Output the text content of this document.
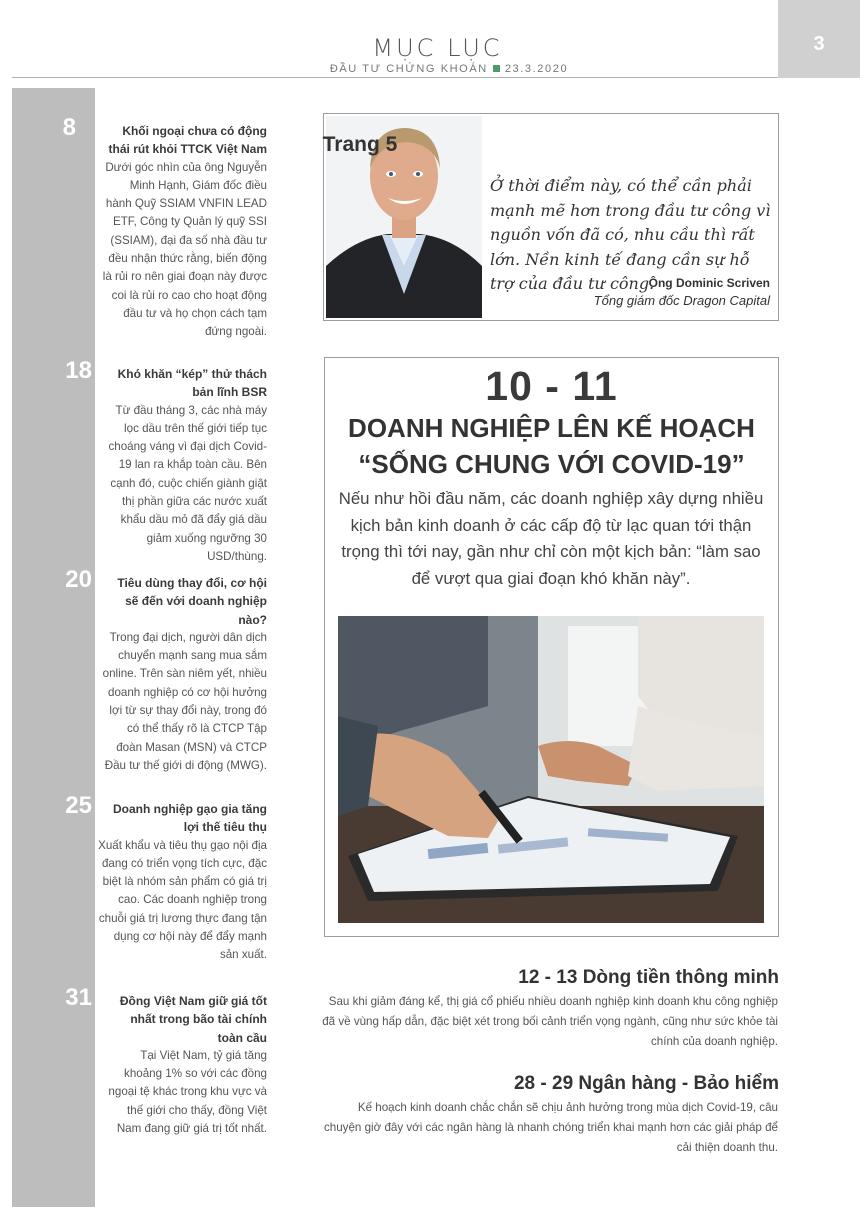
MỤC LỤC
ĐẦU TƯ CHỨNG KHOÁN 23.3.2020
3
8	Khối ngoại chưa có động thái rút khỏi TTCK Việt Nam
Dưới góc nhìn của ông Nguyễn Minh Hạnh, Giám đốc điều hành Quỹ SSIAM VNFIN LEAD ETF, Công ty Quản lý quỹ SSI (SSIAM), đại đa số nhà đầu tư đều nhận thức rằng, biến động là rủi ro nên giai đoạn này được coi là rủi ro cao cho hoạt động đầu tư và họ chọn cách tạm đứng ngoài.
18	Khó khăn “kép” thử thách bản lĩnh BSR
Từ đầu tháng 3, các nhà máy lọc dầu trên thế giới tiếp tục choáng váng vì đại dịch Covid-19 lan ra khắp toàn cầu. Bên cạnh đó, cuộc chiến giành giật thị phần giữa các nước xuất khẩu dầu mỏ đã đẩy giá dầu giảm xuống ngưỡng 30 USD/thùng.
20	Tiêu dùng thay đổi, cơ hội sẽ đến với doanh nghiệp nào?
Trong đại dịch, người dân dịch chuyển mạnh sang mua sắm online. Trên sàn niêm yết, nhiều doanh nghiệp có cơ hội hưởng lợi từ sự thay đổi này, trong đó có thể thấy rõ là CTCP Tập đoàn Masan (MSN) và CTCP Đầu tư thế giới di động (MWG).
25	Doanh nghiệp gạo gia tăng lợi thế tiêu thụ
Xuất khẩu và tiêu thụ gạo nội địa đang có triển vọng tích cực, đặc biệt là nhóm sản phẩm có giá trị cao. Các doanh nghiệp trong chuỗi giá trị lương thực đang tận dụng cơ hội này để đẩy mạnh sản xuất.
31	Đồng Việt Nam giữ giá tốt nhất trong bão tài chính toàn cầu
Tại Việt Nam, tỷ giá tăng khoảng 1% so với các đồng ngoại tệ khác trong khu vực và thế giới cho thấy, đồng Việt Nam đang giữ giá trị tốt nhất.
Trang 5
Ở thời điểm này, có thể cần phải mạnh mẽ hơn trong đầu tư công vì nguồn vốn đã có, nhu cầu thì rất lớn. Nền kinh tế đang cần sự hỗ trợ của đầu tư công.
Ông Dominic Scriven
Tổng giám đốc Dragon Capital
10 - 11
DOANH NGHIỆP LÊN KẾ HOẠCH
“SỐNG CHUNG VỚI COVID-19”
Nếu như hồi đầu năm, các doanh nghiệp xây dựng nhiều kịch bản kinh doanh ở các cấp độ từ lạc quan tới thận trọng thì tới nay, gần như chỉ còn một kịch bản: “làm sao để vượt qua giai đoạn khó khăn này”.
12 - 13 Dòng tiền thông minh
Sau khi giảm đáng kể, thị giá cổ phiếu nhiều doanh nghiệp kinh doanh khu công nghiệp đã về vùng hấp dẫn, đặc biệt xét trong bối cảnh triển vọng ngành, cũng như sức khỏe tài chính của doanh nghiệp.
28 - 29 Ngân hàng - Bảo hiểm
Kế hoạch kinh doanh chắc chắn sẽ chịu ảnh hưởng trong mùa dịch Covid-19, câu chuyện giờ đây với các ngân hàng là nhanh chóng triển khai mạnh hơn các giải pháp để cải thiện doanh thu.
